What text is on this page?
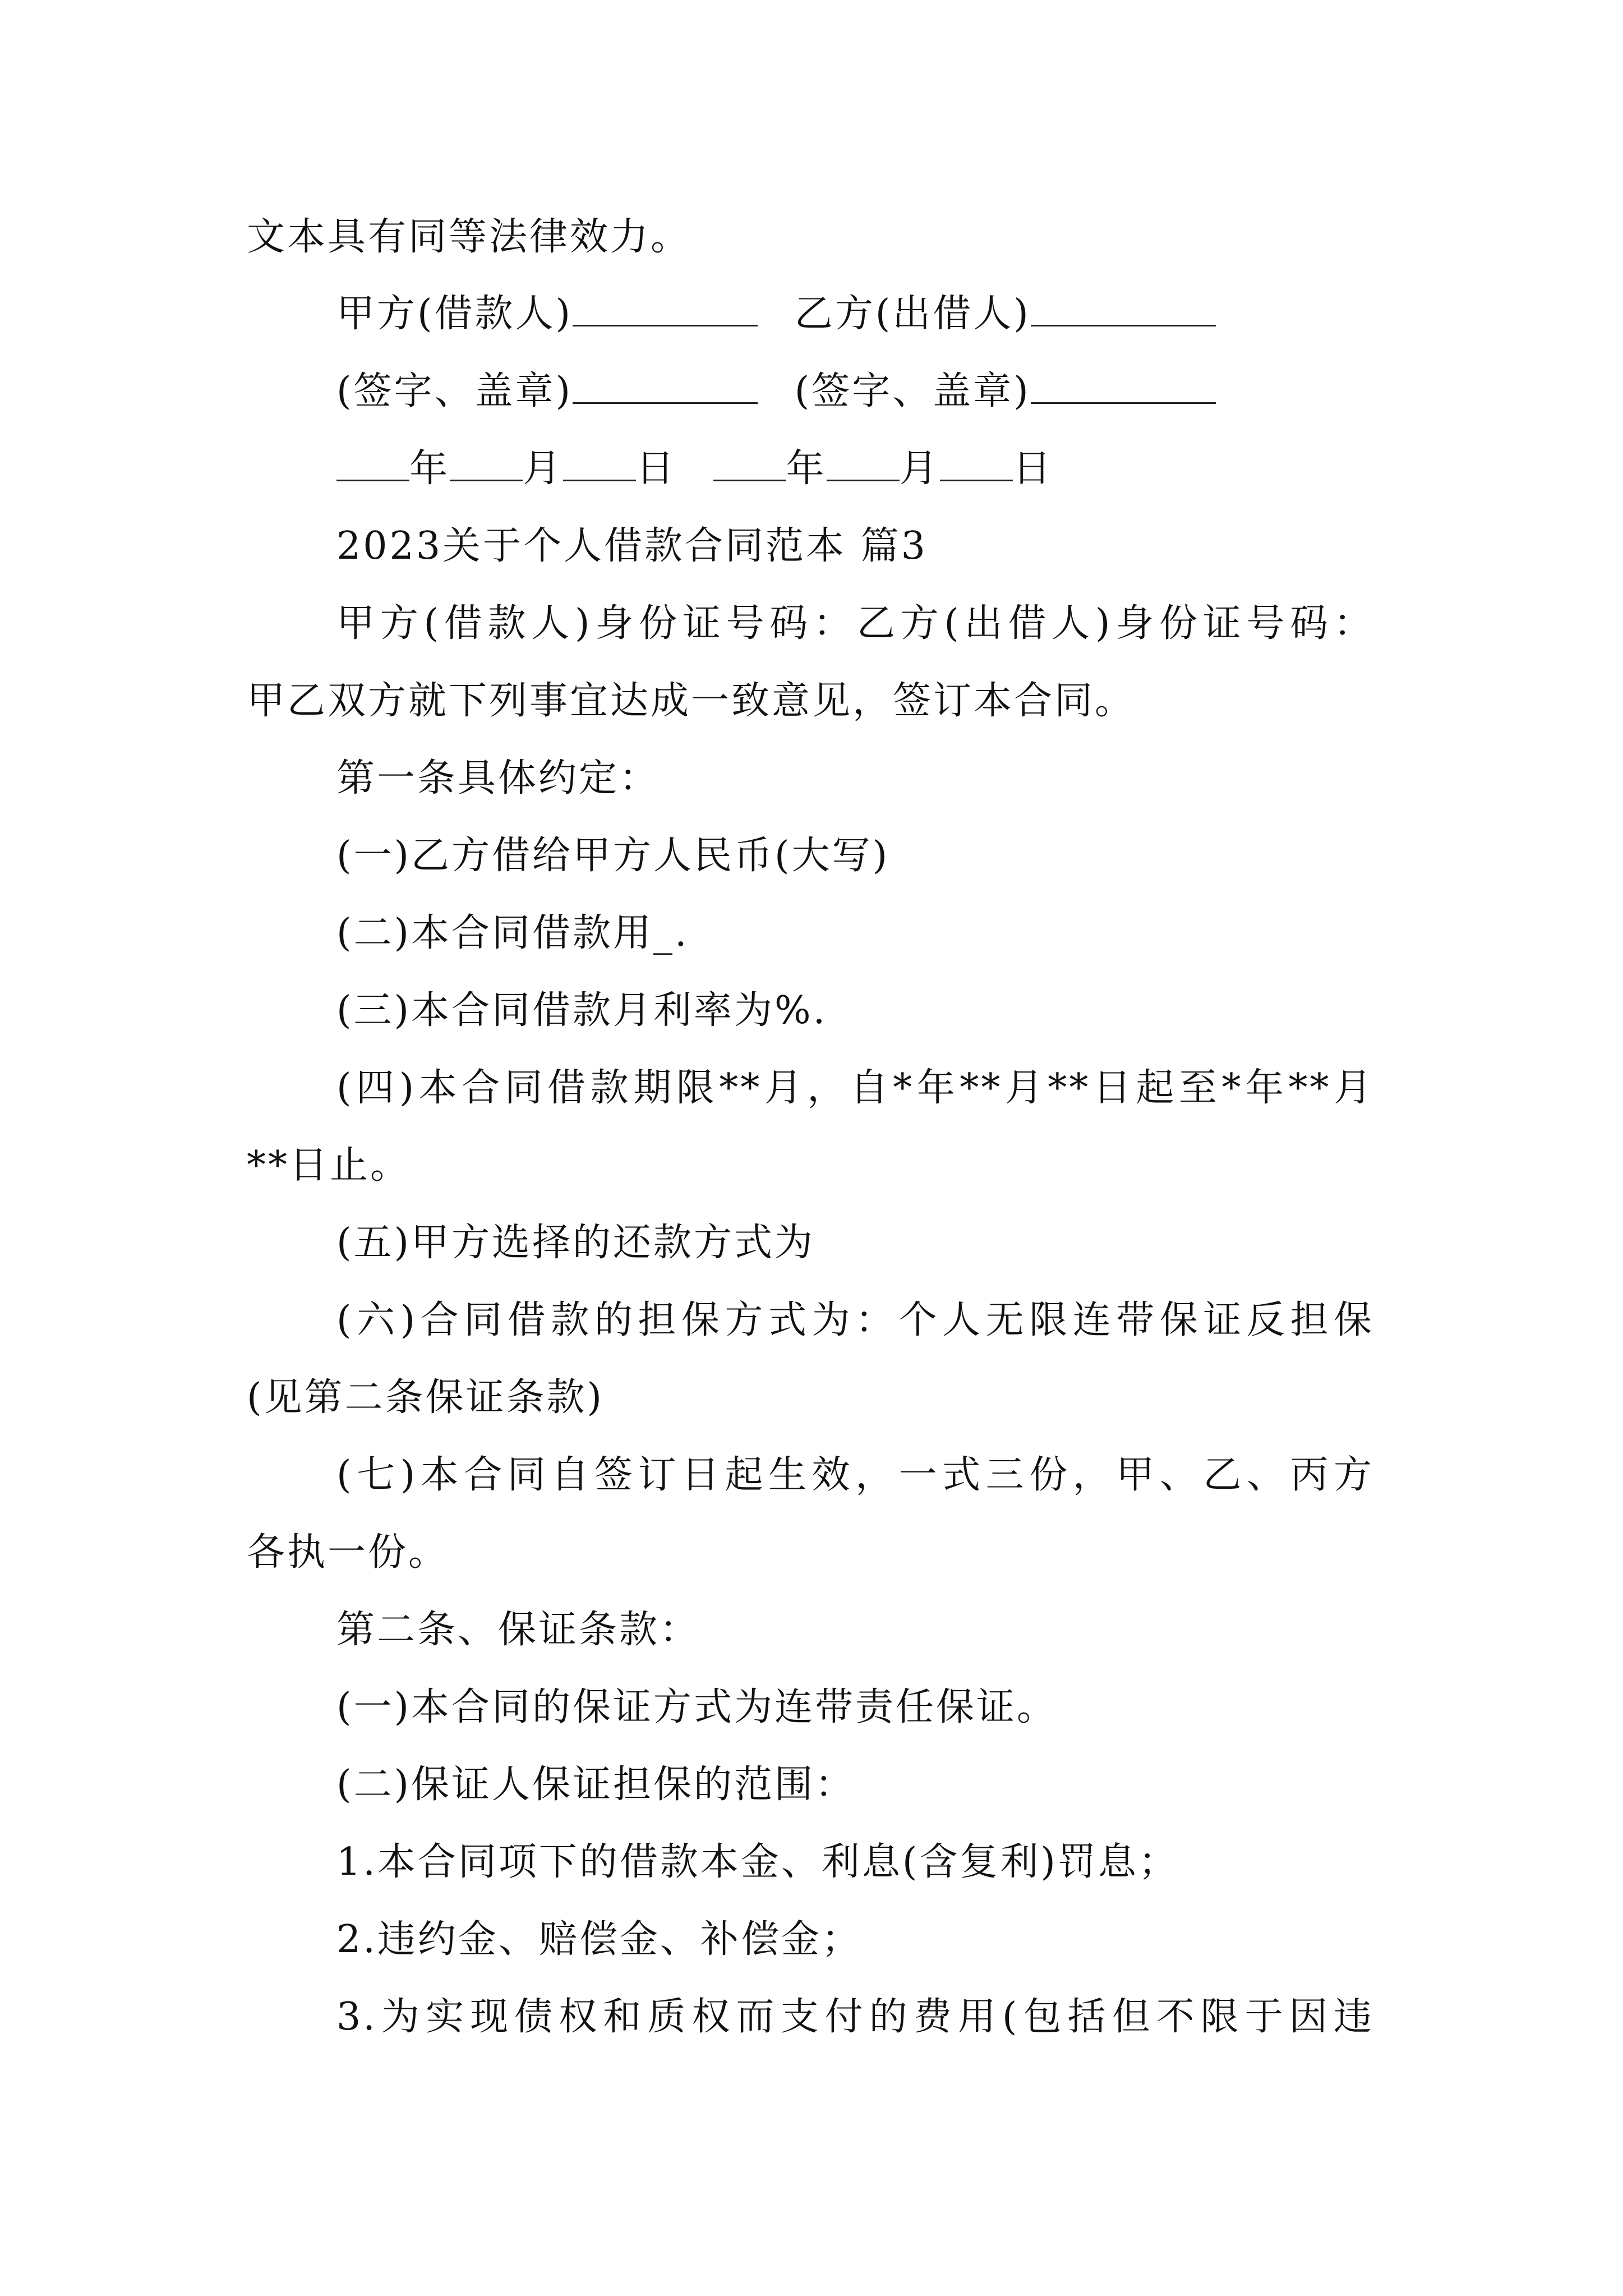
文本具有同等法律效力。
甲方(借款人)	乙方(出借人)
(签字、盖章)	(签字、盖章)
年 月 日	年 月 日
2023关于个人借款合同范本 篇3
甲方(借款人)身份证号码：乙方(出借人)身份证号码：
甲乙双方就下列事宜达成一致意见，签订本合同。
第一条具体约定：
(一)乙方借给甲方人民币(大写)
(二)本合同借款用_.
(三)本合同借款月利率为%.
(四)本合同借款期限**月，自*年**月**日起至*年**月
**日止。
(五)甲方选择的还款方式为
(六)合同借款的担保方式为：个人无限连带保证反担保
(见第二条保证条款)
(七)本合同自签订日起生效，一式三份，甲、乙、丙方
各执一份。
第二条、保证条款：
(一)本合同的保证方式为连带责任保证。
(二)保证人保证担保的范围：
1.本合同项下的借款本金、利息(含复利)罚息；
2.违约金、赔偿金、补偿金；
3.为实现债权和质权而支付的费用(包括但不限于因违
